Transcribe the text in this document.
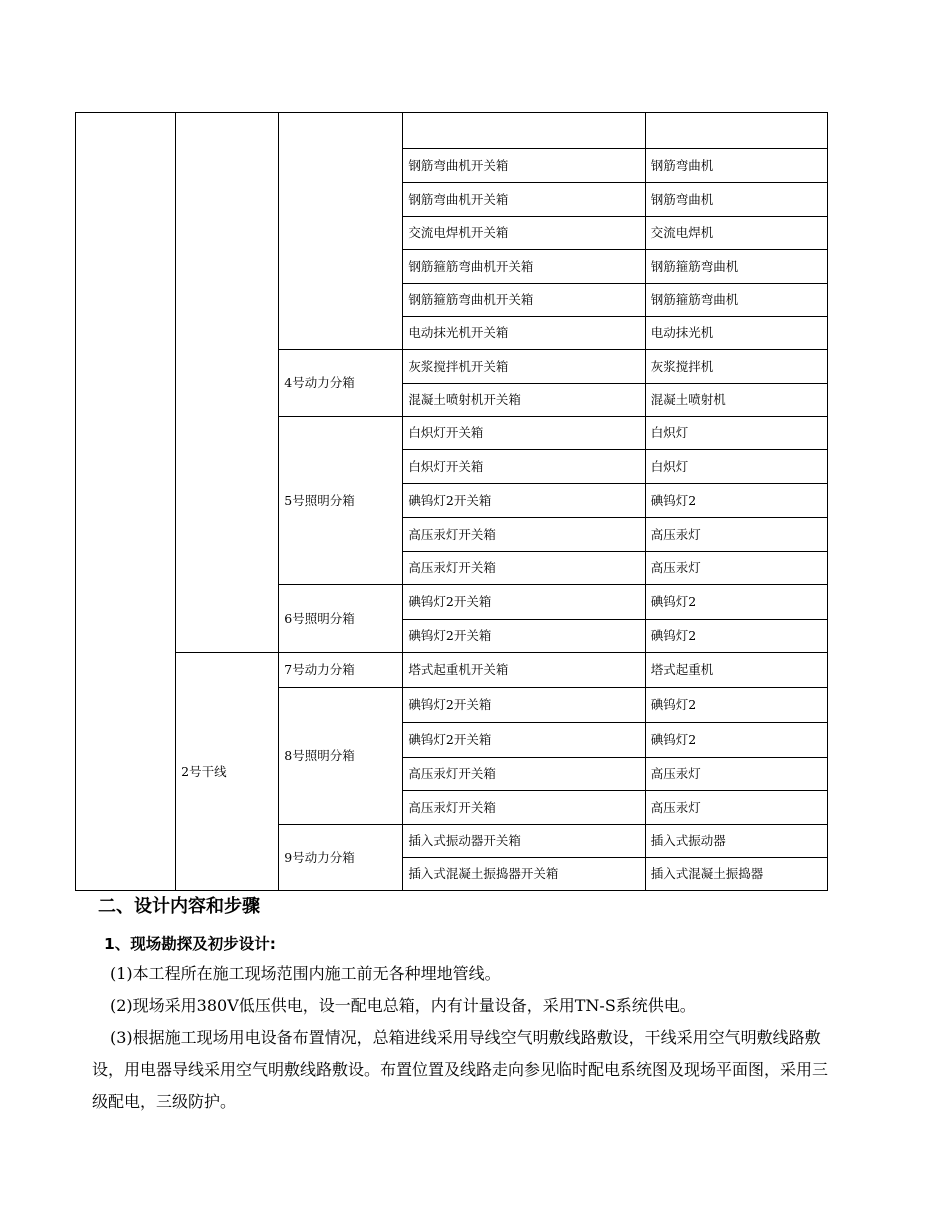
			钢筋弯曲机开关箱	钢筋弯曲机
			钢筋弯曲机开关箱	钢筋弯曲机
			交流电焊机开关箱	交流电焊机
			钢筋箍筋弯曲机开关箱	钢筋箍筋弯曲机
			钢筋箍筋弯曲机开关箱	钢筋箍筋弯曲机
			电动抹光机开关箱	电动抹光机
		4号动力分箱	灰浆搅拌机开关箱	灰浆搅拌机
			混凝土喷射机开关箱	混凝土喷射机
		5号照明分箱	白炽灯开关箱	白炽灯
			白炽灯开关箱	白炽灯
			碘钨灯2开关箱	碘钨灯2
			高压汞灯开关箱	高压汞灯
			高压汞灯开关箱	高压汞灯
		6号照明分箱	碘钨灯2开关箱	碘钨灯2
			碘钨灯2开关箱	碘钨灯2
	2号干线	7号动力分箱	塔式起重机开关箱	塔式起重机
		8号照明分箱	碘钨灯2开关箱	碘钨灯2
			碘钨灯2开关箱	碘钨灯2
			高压汞灯开关箱	高压汞灯
			高压汞灯开关箱	高压汞灯
		9号动力分箱	插入式振动器开关箱	插入式振动器
			插入式混凝土振捣器开关箱	插入式混凝土振捣器
二、设计内容和步骤
1、现场勘探及初步设计:

(1)本工程所在施工现场范围内施工前无各种埋地管线。

(2)现场采用380V低压供电，设一配电总箱，内有计量设备，采用TN-S系统供电。

(3)根据施工现场用电设备布置情况，总箱进线采用导线空气明敷线路敷设，干线采用空气明敷线路敷设，用电器导线采用空气明敷线路敷设。布置位置及线路走向参见临时配电系统图及现场平面图，采用三级配电，三级防护。
